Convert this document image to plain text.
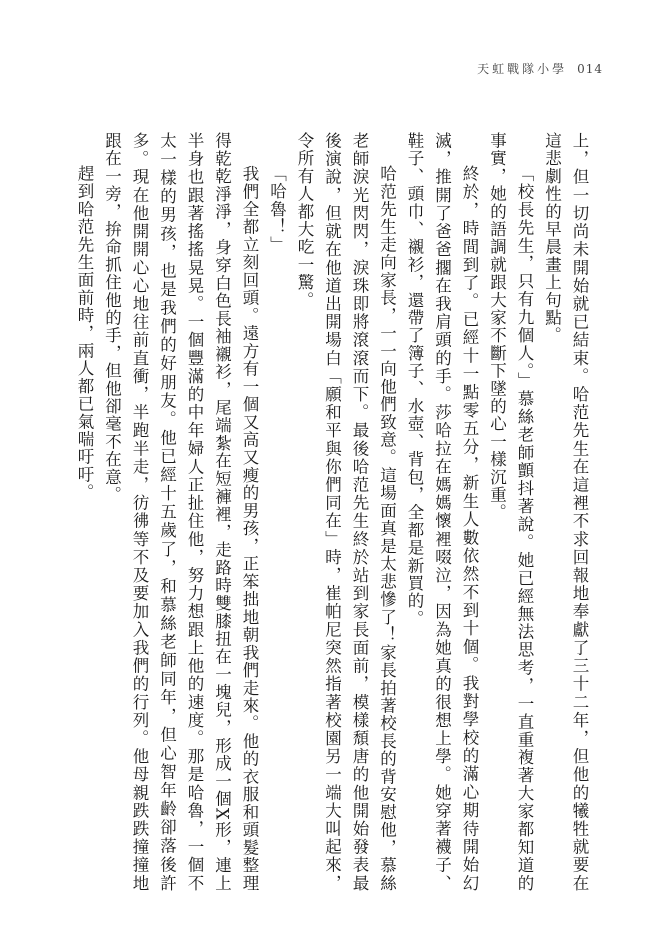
天虹戰隊小學 014

上，但一切尚未開始就已結束。哈范先生在這裡不求回報地奉獻了三十二年，但他的犧牲就要在這悲劇性的早晨畫上句點。

「校長先生，只有九個人。」慕絲老師顫抖著說。她已經無法思考，一直重複著大家都知道的事實，她的語調就跟大家不斷下墜的心一樣沉重。

終於，時間到了。已經十一點零五分，新生人數依然不到十個。我對學校的滿心期待開始幻滅，推開了爸爸擱在我肩頭的手。莎哈拉在媽媽懷裡啜泣，因為她真的很想上學。她穿著襪子、鞋子、頭巾、襯衫，還帶了簿子、水壺、背包，全都是新買的。

哈范先生走向家長，一一向他們致意。這場面真是太悲慘了！家長拍著校長的背安慰他，慕絲老師淚光閃閃，淚珠即將滾滾而下。最後哈范先生終於站到家長面前，模樣頹唐的他開始發表最後演說，但就在他道出開場白「願和平與你們同在」時，崔帕尼突然指著校園另一端大叫起來，令所有人都大吃一驚。

「哈魯！」

我們全都立刻回頭。遠方有一個又高又瘦的男孩，正笨拙地朝我們走來。他的衣服和頭髮整理得乾乾淨淨，身穿白色長袖襯衫，尾端紮在短褲裡，走路時雙膝扭在一塊兒，形成一個X形，連上半身也跟著搖搖晃晃。一個豐滿的中年婦人正扯住他，努力想跟上他的速度。那是哈魯，一個不太一樣的男孩，也是我們的好朋友。他已經十五歲了，和慕絲老師同年，但心智年齡卻落後許多。現在他開開心心地往前直衝，半跑半走，彷彿等不及要加入我們的行列。他母親跌跌撞撞地跟在一旁，拚命抓住他的手，但他卻毫不在意。

趕到哈范先生面前時，兩人都已氣喘吁吁。
